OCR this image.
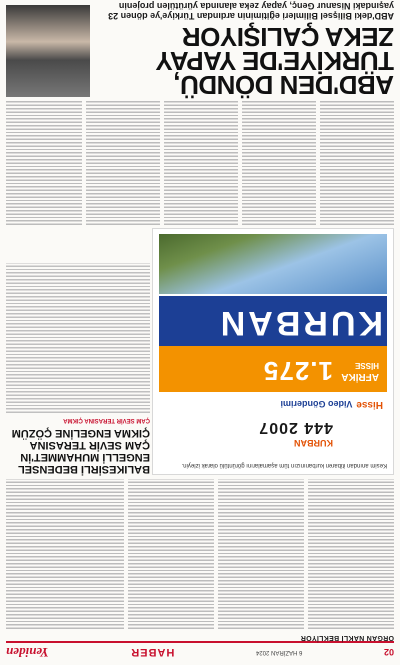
02
6 HAZİRAN 2024
HABER
Yeniden
ORGAN NAKLİ BEKLİYOR
Kesim anından itibaren kurbanınızın tüm aşamalarını görüntülü olarak izleyin.
KURBAN
444 2007
Hisse
Video Gönderimi
AFRİKA
HİSSE
1.275
KURBAN
BALIKESİRLİ BEDENSEL ENGELLİ MUHAMMET'İN ÇAM SEVİR TERASINA ÇIKMA ENGELİNE ÇÖZÜM
ÇAM SEVİR TERASINA ÇIKMA
ABD'DEN DÖNDÜ, TÜRKİYE'DE YAPAY ZEKA ÇALIŞIYOR
ABD'deki Bilişsel Bilimleri eğitiminin ardından Türkiye'ye dönen 23 yaşındaki Nisanur Genç, yapay zeka alanında yürütülen projenin
